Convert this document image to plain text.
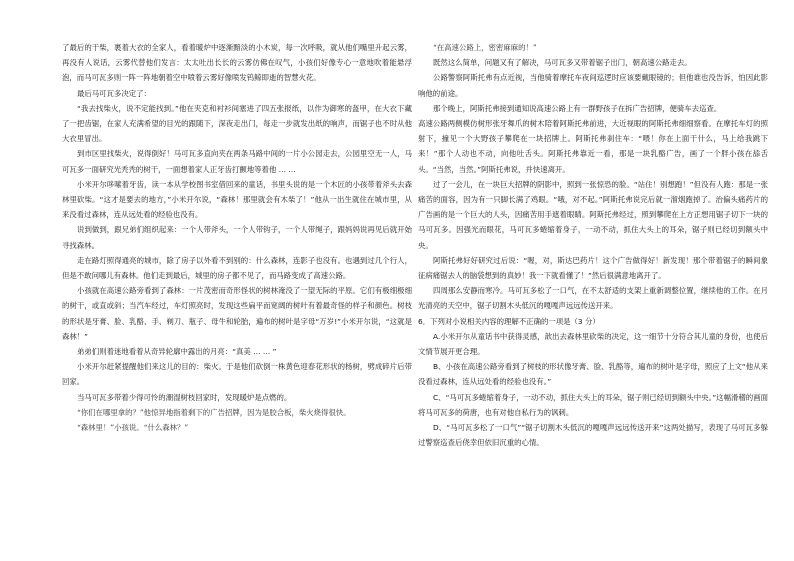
了最后的干柴，裹着大衣的全家人，看着暖炉中逐渐黯淡的小木炭，每一次呼吸，就从他们嘴里升起云雾，再没有人说话，云雾代替他们发言：太太吐出长长的云雾仿佛在叹气，小孩们好像专心一意地吹着能悬浮泡，而马可瓦多则一阵一阵地朝着空中喷着云雾好像喷发钨鲸即逝的智慧火花。

最后马可瓦多决定了：

“我去找柴火，说不定能找到。”他在夹克和衬衫间塞进了四五张报纸，以作为御寒的盔甲，在大衣下藏了一把齿锯，在家人充满希望的目光的跟随下，深夜走出门，每走一步就发出纸的响声，而锯子也不时从他大衣里冒出。

到市区里找柴火，说得倒好！马可瓦多直向夹在两条马路中间的一片小公园走去，公园里空无一人，马可瓦多一面研究光秃秃的树干，一面想着家人正牙齿打颤地等着他 … …

小米开尔哆嗦着牙齿，读一本从学校图书室借回来的童话，书里头说的是一个木匠的小孩带着斧头去森林里砍柴。“这才是要去的地方，”小米开尔说，“森林！那里就会有木柴了！”他从一出生就住在城市里，从来没看过森林，连从远处看的经验也没有。

说到做到，跟兄弟们组织起来：一个人带斧头，一个人带钩子，一个人带绳子，跟妈妈说再见后就开始寻找森林。

走在路灯照得通亮的城市，除了房子以外看不到别的：什么森林，连影子也没有。也遇到过几个行人，但是不敢问哪儿有森林。他们走到最后，城里的房子都不见了，而马路变成了高速公路。

小孩就在高速公路旁看到了森林：一片茂密而奇形怪状的树林淹没了一望无际的平原。它们有极细极细的树干，或直或斜；当汽车经过，车灯照亮时，发现这些扁平而宽阔的树叶有着最奇怪的样子和颜色。树枝的形状是牙膏、脸、乳酪、手、剃刀、瓶子、母牛和轮胎，遍布的树叶是字母“万岁!”小米开尔说，“这就是森林！”

弟弟们则着迷地看着从奇异轮廓中露出的月亮：“真美 … … ”

小米开尔赶紧提醒他们来这儿的目的：柴火。于是他们砍倒一株黄色迎春花形状的杨树，劈成碎片后带回家。

当马可瓦多带着少得可怜的潮湿树枝回家时，发现暖炉是点燃的。

“你们在哪里拿的？”他惊异地指着剩下的广告招牌，因为是胶合板，柴火烧得很快。

“森林里！”小孩说。“什么森林？”

“在高速公路上，密密麻麻的！”

既然这么简单，问题又有了解决，马可瓦多又带着锯子出门，朝高速公路走去。

公路警察阿斯托弗有点近视，当他骑着摩托车夜间巡逻时应该要戴眼镜的；但他谁也没告诉，怕因此影响他的前途。

那个晚上，阿斯托弗接到通知说高速公路上有一群野孩子在拆广告招牌，便骑车去巡查。

高速公路两侧模仿树形张牙舞爪的树木陪着阿斯托弗前进，大近视眼的阿斯托弗细细察看。在摩托车灯的照射下，撞见一个大野孩子攀爬在一块招牌上。阿斯托弗刹住车：“喂！你在上面干什么，马上给我跳下来！”那个人动也不动，向他吐舌头。阿斯托弗靠近一看，那是一块乳酪广告，画了一个胖小孩在舔舌头。“当然，当然。”阿斯托弗说，并快速离开。

过了一会儿，在一块巨大招牌的阴影中，照到一张惊恐的脸。“站住！别想跑！”但没有人跑：那是一张痛苦的面容，因为有一只脚长满了鸡眼。“哦，对不起。”阿斯托弗说完后就一溜烟跑掉了。治偏头痛药片的广告画的是一个巨大的人头，因痛苦用手遮着眼睛。阿斯托弗经过，照到攀爬在上方正想用锯子切下一块的马可瓦多。因强光而眼花，马可瓦多蜷缩着身子，一动不动，抓住大头上的耳朵，锯子则已经切到额头中央。

阿斯托弗好好研究过后说：“喔，对，斯达巴药片！这个广告做得好！新发现！那个带着锯子的瞬间象征病痛锯去人的脑袋想到的真妙！我一下就看懂了！”然后很满意地离开了。

四周那么安静而寒冷。马可瓦多松了一口气，在不太舒适的支架上重新调整位置，继续他的工作。在月光清亮的天空中，锯子切割木头低沉的嘎嘎声远远传送开来。

6．下列对小说相关内容的理解不正确的一项是（3 分）

A.小米开尔从童话书中获得灵感，歆出去森林里砍柴的决定，这一细节十分符合其儿童的身份，也使后文情节展开更合理。

B、小孩在高速公路旁看到了树枝的形状像牙膏、脸、乳酪等，遍布的树叶是字母，照应了上文“他从来没看过森林，连从远处看的经验也没有。”

C、“马可瓦多蜷缩着身子，一动不动，抓住大头上的耳朵，锯子则已经切到额头中央。”这幅滑稽的画面将马可瓦多的荷唐，也有对他自私行为的讽刺。

D、“马可瓦多松了一口气”“锯子切割木头低沉的嘎嘎声远远传送开来”这两处描写，表现了马可瓦多躲过警察巡查后侥幸但依旧沉重的心情。
